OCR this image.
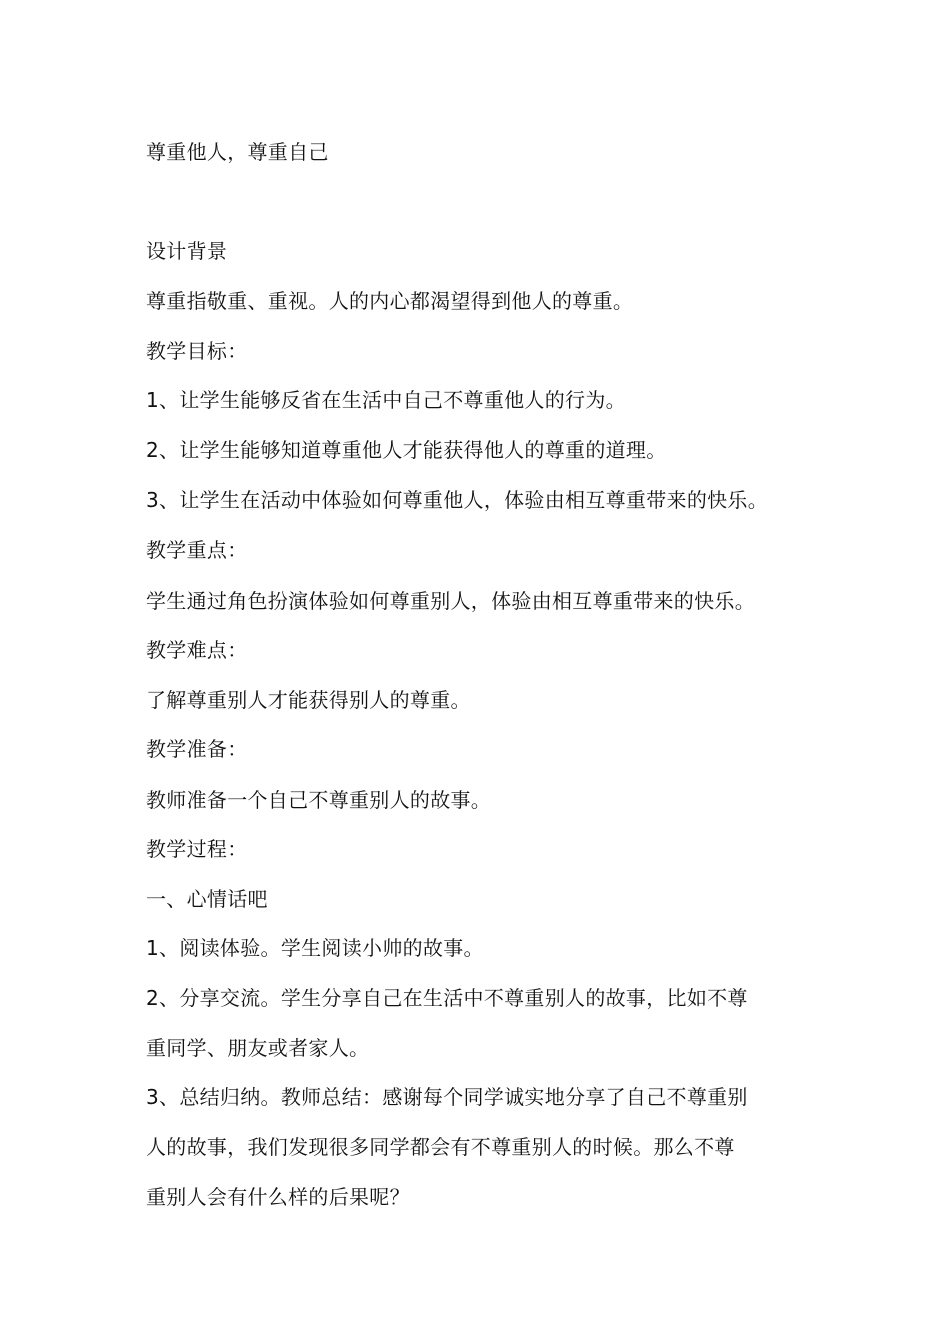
尊重他人，尊重自己
设计背景
尊重指敬重、重视。人的内心都渴望得到他人的尊重。
教学目标：
1、让学生能够反省在生活中自己不尊重他人的行为。
2、让学生能够知道尊重他人才能获得他人的尊重的道理。
3、让学生在活动中体验如何尊重他人，体验由相互尊重带来的快乐。
教学重点：
学生通过角色扮演体验如何尊重别人，体验由相互尊重带来的快乐。
教学难点：
了解尊重别人才能获得别人的尊重。
教学准备：
教师准备一个自己不尊重别人的故事。
教学过程：
一、心情话吧
1、阅读体验。学生阅读小帅的故事。
2、分享交流。学生分享自己在生活中不尊重别人的故事，比如不尊
重同学、朋友或者家人。
3、总结归纳。教师总结：感谢每个同学诚实地分享了自己不尊重别
人的故事，我们发现很多同学都会有不尊重别人的时候。那么不尊
重别人会有什么样的后果呢？
